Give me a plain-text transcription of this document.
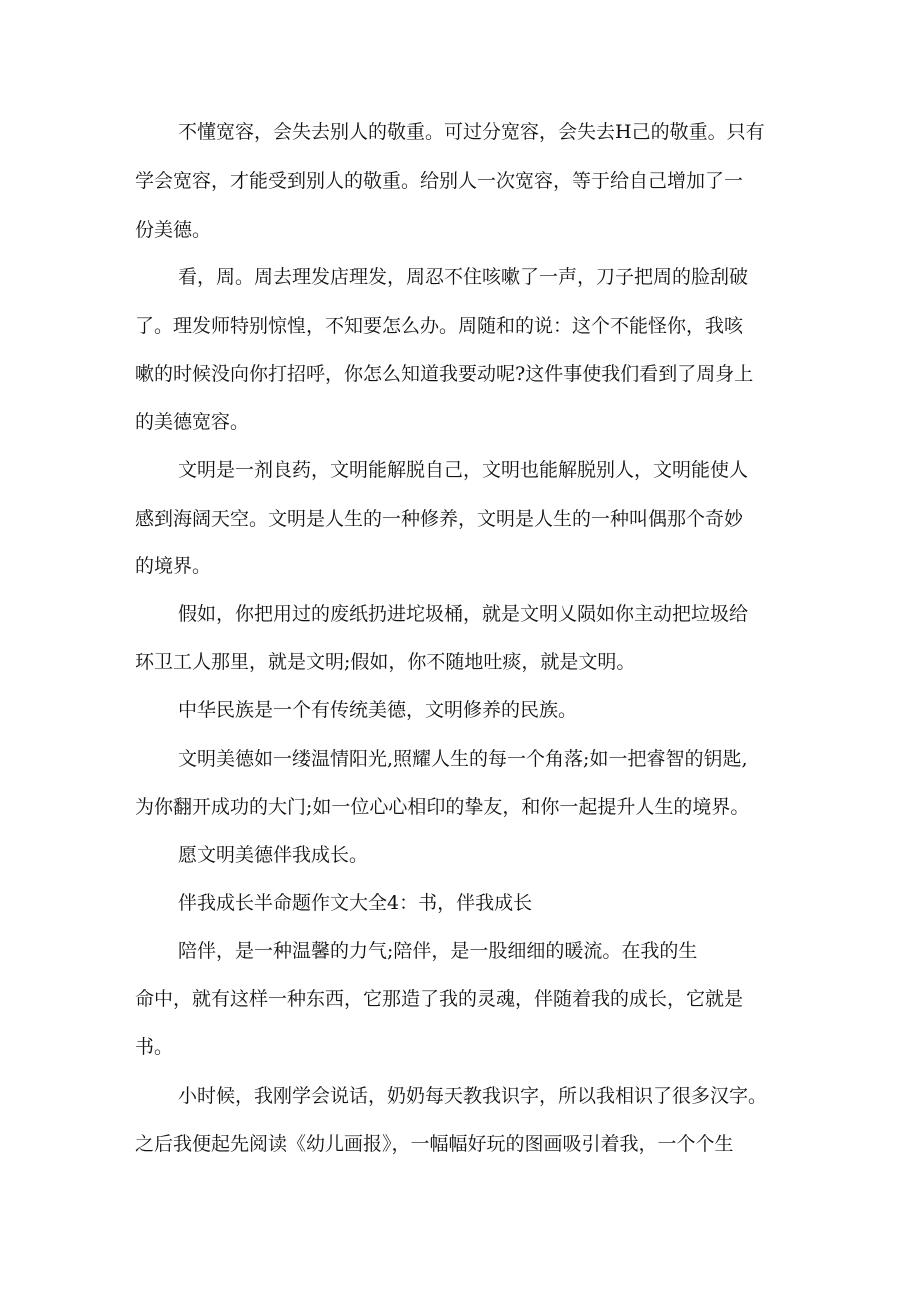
不懂宽容，会失去别人的敬重。可过分宽容，会失去H己的敬重。只有

学会宽容，才能受到别人的敬重。给别人一次宽容，等于给自己增加了一

份美德。

看，周。周去理发店理发，周忍不住咳嗽了一声，刀子把周的脸刮破

了。理发师特别惊惶，不知要怎么办。周随和的说：这个不能怪你，我咳

嗽的时候没向你打招呼，你怎么知道我要动呢?这件事使我们看到了周身上

的美德宽容。

文明是一剂良药，文明能解脱自己，文明也能解脱别人，文明能使人

感到海阔天空。文明是人生的一种修养，文明是人生的一种叫偶那个奇妙

的境界。

假如，你把用过的废纸扔进坨圾桶，就是文明乂陨如你主动把垃圾给

环卫工人那里，就是文明;假如，你不随地吐痰，就是文明。

中华民族是一个有传统美德，文明修养的民族。

文明美德如一缕温情阳光,照耀人生的每一个角落;如一把睿智的钥匙,

为你翻开成功的大门;如一位心心相印的挚友，和你一起提升人生的境界。

愿文明美德伴我成长。

伴我成长半命题作文大全4：书，伴我成长

陪伴，是一种温馨的力气;陪伴，是一股细细的暖流。在我的生

命中，就有这样一种东西，它那造了我的灵魂，伴随着我的成长，它就是

书。

小时候，我刚学会说话，奶奶每天教我识字，所以我相识了很多汉字。

之后我便起先阅读《幼儿画报》，一幅幅好玩的图画吸引着我，一个个生
